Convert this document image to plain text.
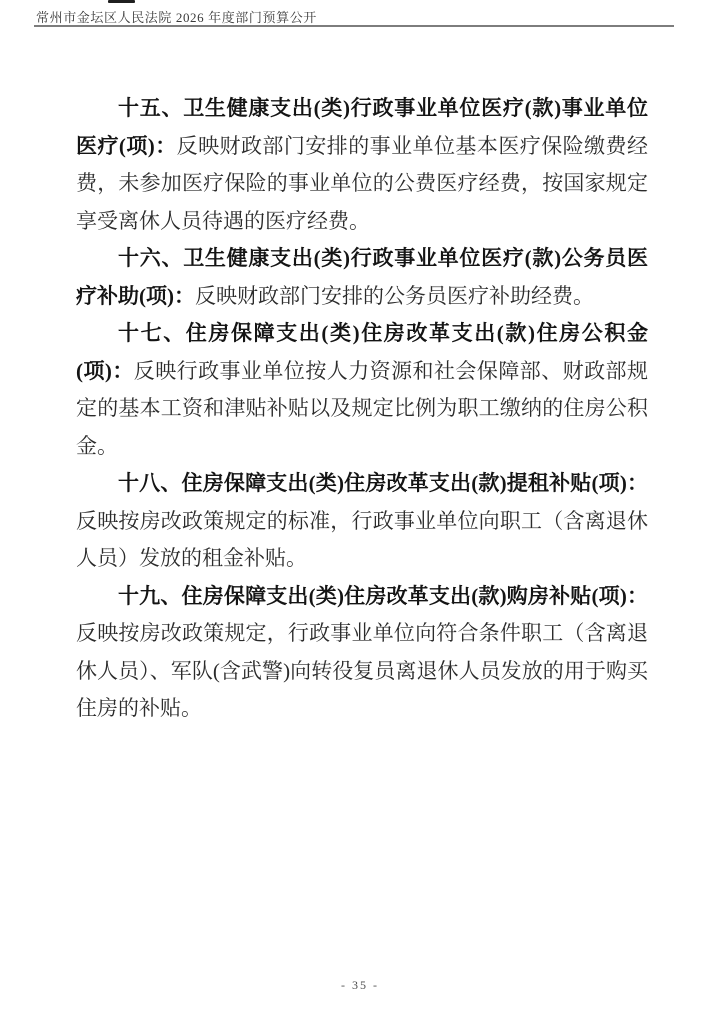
常州市金坛区人民法院 2026 年度部门预算公开

十五、卫生健康支出(类)行政事业单位医疗(款)事业单位医疗(项)：反映财政部门安排的事业单位基本医疗保险缴费经费，未参加医疗保险的事业单位的公费医疗经费，按国家规定享受离休人员待遇的医疗经费。

十六、卫生健康支出(类)行政事业单位医疗(款)公务员医疗补助(项)：反映财政部门安排的公务员医疗补助经费。

十七、住房保障支出(类)住房改革支出(款)住房公积金(项)：反映行政事业单位按人力资源和社会保障部、财政部规定的基本工资和津贴补贴以及规定比例为职工缴纳的住房公积金。

十八、住房保障支出(类)住房改革支出(款)提租补贴(项)：反映按房改政策规定的标准，行政事业单位向职工（含离退休人员）发放的租金补贴。

十九、住房保障支出(类)住房改革支出(款)购房补贴(项)：反映按房改政策规定，行政事业单位向符合条件职工（含离退休人员）、军队(含武警)向转役复员离退休人员发放的用于购买住房的补贴。

- 35 -
